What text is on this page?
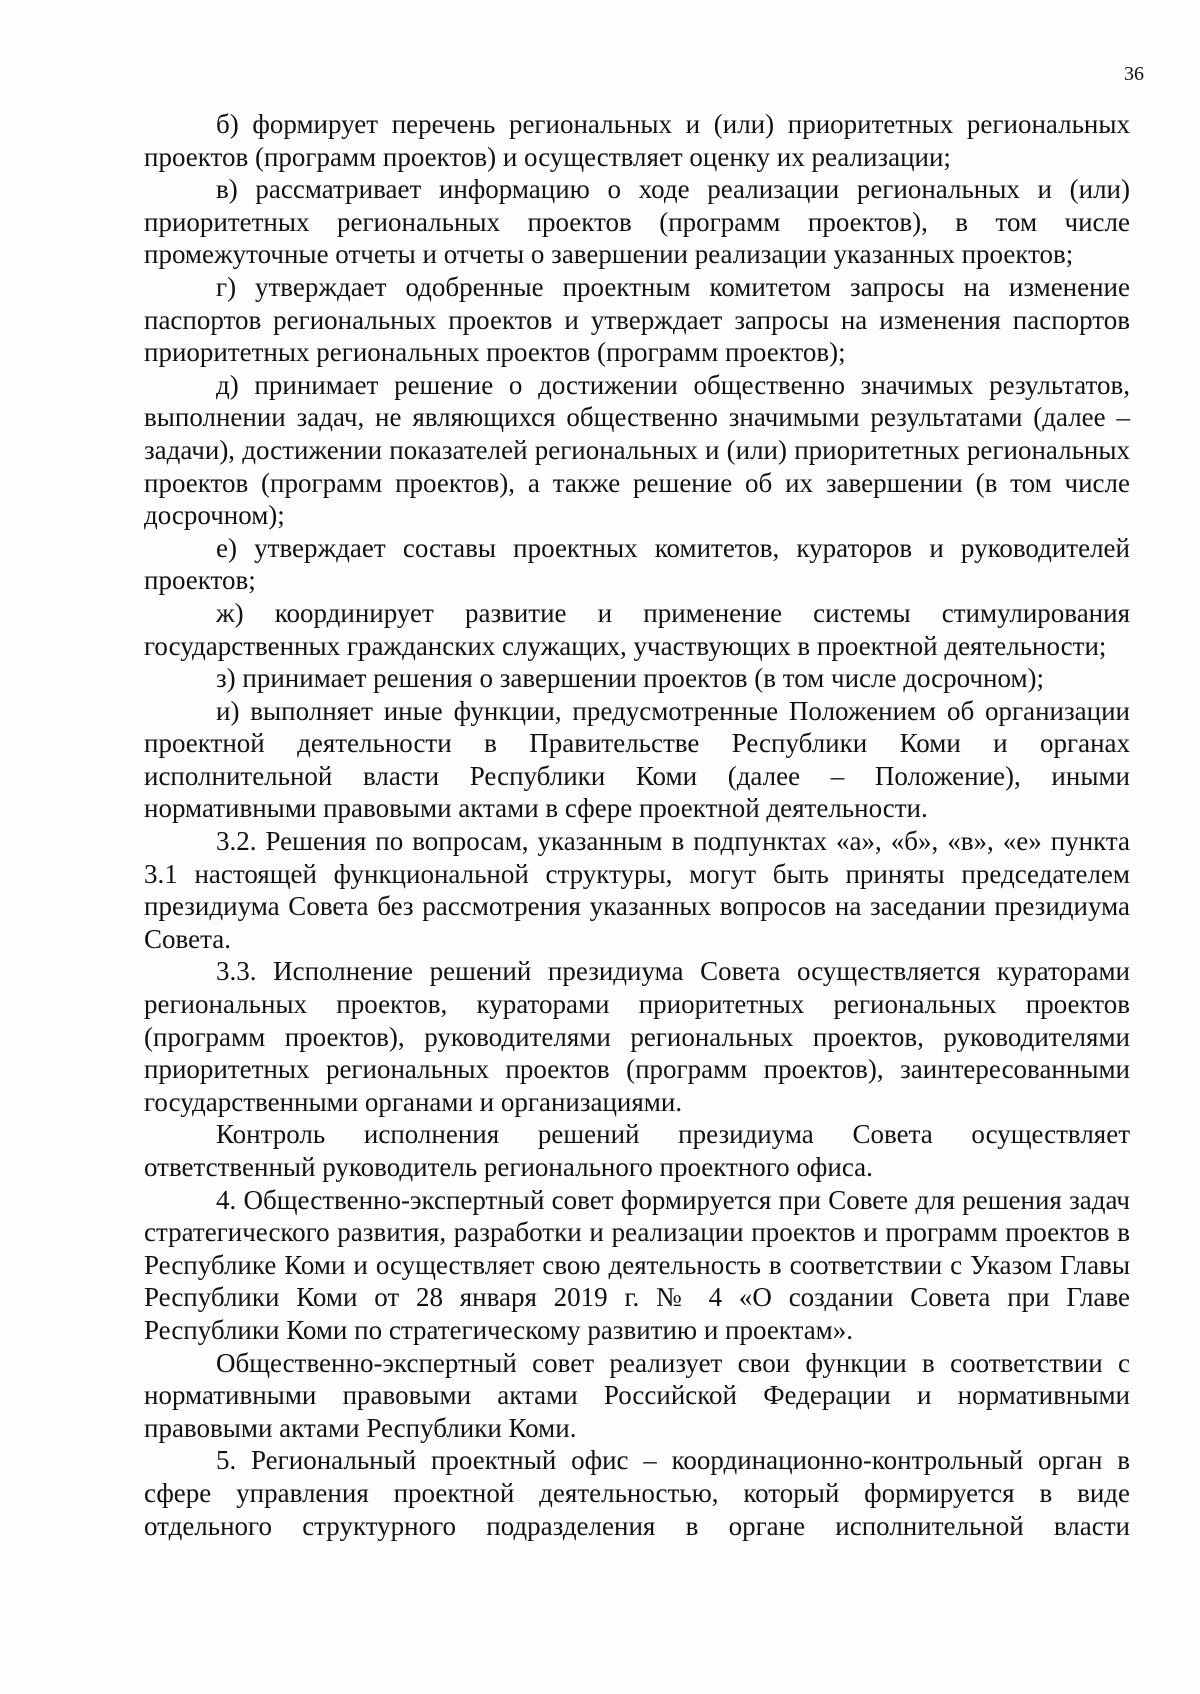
36

б) формирует перечень региональных и (или) приоритетных региональных проектов (программ проектов) и осуществляет оценку их реализации;

в) рассматривает информацию о ходе реализации региональных и (или) приоритетных региональных проектов (программ проектов), в том числе промежуточные отчеты и отчеты о завершении реализации указанных проектов;

г) утверждает одобренные проектным комитетом запросы на изменение паспортов региональных проектов и утверждает запросы на изменения паспортов приоритетных региональных проектов (программ проектов);

д) принимает решение о достижении общественно значимых результатов, выполнении задач, не являющихся общественно значимыми результатами (далее – задачи), достижении показателей региональных и (или) приоритетных региональных проектов (программ проектов), а также решение об их завершении (в том числе досрочном);

е) утверждает составы проектных комитетов, кураторов и руководителей проектов;

ж) координирует развитие и применение системы стимулирования государственных гражданских служащих, участвующих в проектной деятельности;

з) принимает решения о завершении проектов (в том числе досрочном);

и) выполняет иные функции, предусмотренные Положением об организации проектной деятельности в Правительстве Республики Коми и органах исполнительной власти Республики Коми (далее – Положение), иными нормативными правовыми актами в сфере проектной деятельности.

3.2. Решения по вопросам, указанным в подпунктах «а», «б», «в», «е» пункта 3.1 настоящей функциональной структуры, могут быть приняты председателем президиума Совета без рассмотрения указанных вопросов на заседании президиума Совета.

3.3. Исполнение решений президиума Совета осуществляется кураторами региональных проектов, кураторами приоритетных региональных проектов (программ проектов), руководителями региональных проектов, руководителями приоритетных региональных проектов (программ проектов), заинтересованными государственными органами и организациями.

Контроль исполнения решений президиума Совета осуществляет ответственный руководитель регионального проектного офиса.

4. Общественно-экспертный совет формируется при Совете для решения задач стратегического развития, разработки и реализации проектов и программ проектов в Республике Коми и осуществляет свою деятельность в соответствии с Указом Главы Республики Коми от 28 января 2019 г. № 4 «О создании Совета при Главе Республики Коми по стратегическому развитию и проектам».

Общественно-экспертный совет реализует свои функции в соответствии с нормативными правовыми актами Российской Федерации и нормативными правовыми актами Республики Коми.

5. Региональный проектный офис – координационно-контрольный орган в сфере управления проектной деятельностью, который формируется в виде отдельного структурного подразделения в органе исполнительной власти
